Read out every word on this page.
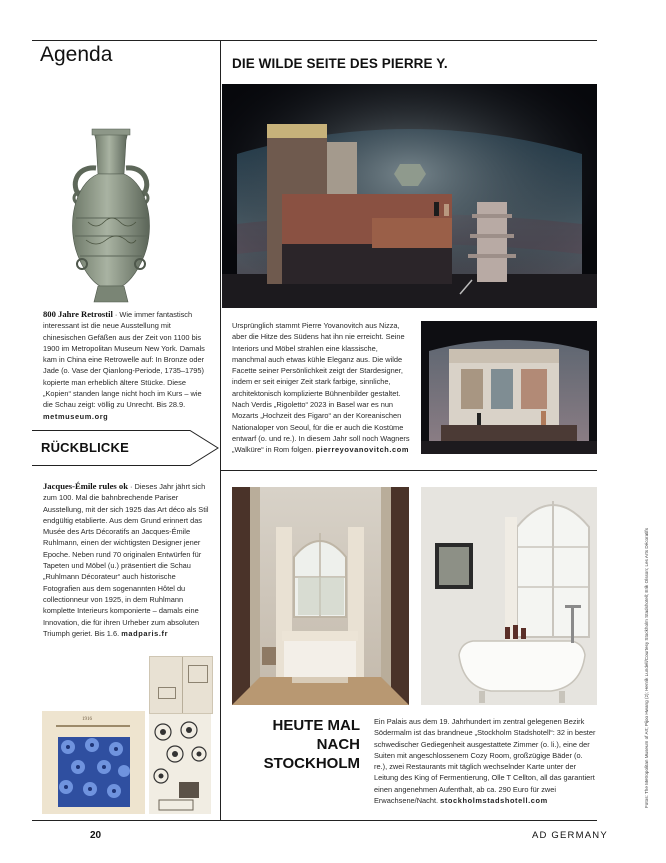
Agenda

800 Jahre Retrostil · Wie immer fantastisch interessant ist die neue Ausstellung mit chinesischen Gefäßen aus der Zeit von 1100 bis 1900 im Metropolitan Museum New York. Damals kam in China eine Retrowelle auf: In Bronze oder Jade (o. Vase der Qianlong-Periode, 1735–1795) kopierte man erheblich ältere Stücke. Diese „Kopien“ standen lange nicht hoch im Kurs – wie die Schau zeigt: völlig zu Unrecht. Bis 28.9. metmuseum.org

RÜCKBLICKE

Jacques-Émile rules ok · Dieses Jahr jährt sich zum 100. Mal die bahnbrechende Pariser Ausstellung, mit der sich 1925 das Art déco als Stil endgültig etablierte. Aus dem Grund erinnert das Musée des Arts Décoratifs an Jacques-Émile Ruhlmann, einen der wichtigsten Designer jener Epoche. Neben rund 70 originalen Entwürfen für Tapeten und Möbel (u.) präsentiert die Schau „Ruhlmann Décorateur“ auch historische Fotografien aus dem sogenannten Hôtel du collectionneur von 1925, in dem Ruhlmann komplette Interieurs komponierte – damals eine Innovation, die für ihren Urheber zum absoluten Triumph geriet. Bis 1.6. madparis.fr

1916
DIE WILDE SEITE DES PIERRE Y.

Ursprünglich stammt Pierre Yovanovitch aus Nizza, aber die Hitze des Südens hat ihn nie erreicht. Seine Interiors und Möbel strahlen eine klassische, manchmal auch etwas kühle Eleganz aus. Die wilde Facette seiner Persönlichkeit zeigt der Stardesigner, indem er seit einiger Zeit stark farbige, sinnliche, architektonisch komplizierte Bühnenbilder gestaltet. Nach Verdis „Rigoletto“ 2023 in Basel war es nun Mozarts „Hochzeit des Figaro“ an der Koreanischen Nationaloper von Seoul, für die er auch die Kostüme entwarf (o. und re.). In diesem Jahr soll noch Wagners „Walküre“ in Rom folgen. pierreyovanovitch.com

HEUTE MAL NACH
STOCKHOLM

Ein Palais aus dem 19. Jahrhundert im zentral gelegenen Bezirk Södermalm ist das brandneue „Stockholm Stadshotell“: 32 in bester schwedischer Gediegenheit ausgestattete Zimmer (o. li.), eine der Suiten mit angeschlossenem Cozy Room, großzügige Bäder (o. re.), zwei Restaurants mit täglich wechselnder Karte unter der Leitung des King of Fermentierung, Olle T Cellton, all das garantiert einen angenehmen Aufenthalt, ab ca. 290 Euro für zwei Erwachsene/Nacht. stockholmstadshotell.com	Fotos: The Metropolitan Museum of Art; Pijoo Hwang (2); Henrik Lundell/Courtesy Stockholm Stadshotell; Erik Olsson; Les Arts Décoratifs
20	AD GERMANY
